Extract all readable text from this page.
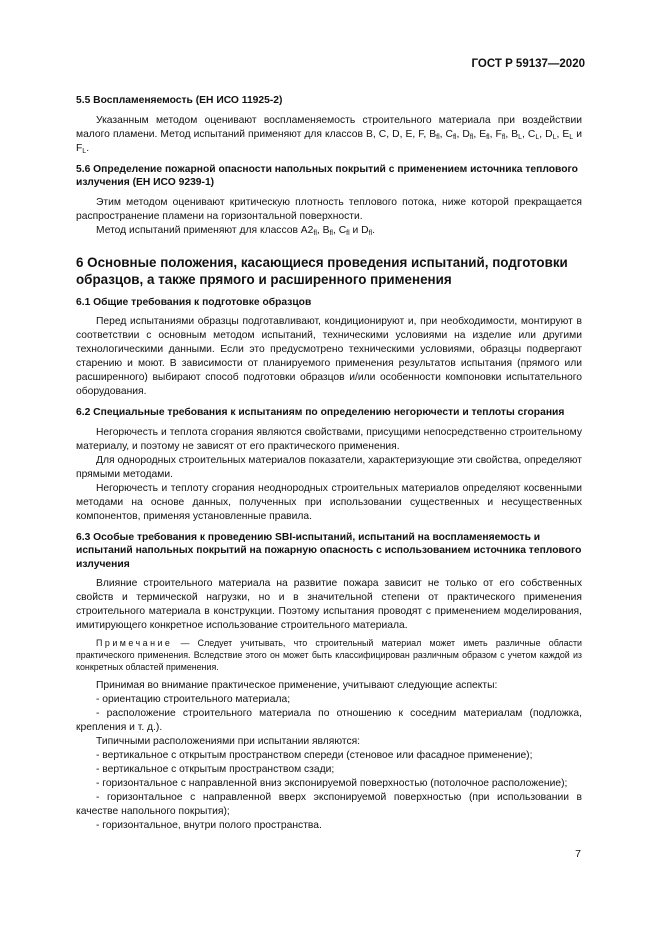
ГОСТ Р 59137—2020
5.5 Воспламеняемость (ЕН ИСО 11925-2)

Указанным методом оценивают воспламеняемость строительного материала при воздействии малого пламени. Метод испытаний применяют для классов B, C, D, E, F, $B_{fl}$, $C_{fl}$, $D_{fl}$, $E_{fl}$, $F_{fl}$, $B_L$, $C_L$, $D_L$, $E_L$ и $F_L$.

5.6 Определение пожарной опасности напольных покрытий с применением источника теплового излучения (ЕН ИСО 9239-1)

Этим методом оценивают критическую плотность теплового потока, ниже которой прекращается распространение пламени на горизонтальной поверхности.

Метод испытаний применяют для классов $A2_{fl}$, $B_{fl}$, $C_{fl}$ и $D_{fl}$.

6 Основные положения, касающиеся проведения испытаний, подготовки образцов, а также прямого и расширенного применения
6.1 Общие требования к подготовке образцов

Перед испытаниями образцы подготавливают, кондиционируют и, при необходимости, монтируют в соответствии с основным методом испытаний, техническими условиями на изделие или другими технологическими данными. Если это предусмотрено техническими условиями, образцы подвергают старению и моют. В зависимости от планируемого применения результатов испытания (прямого или расширенного) выбирают способ подготовки образцов и/или особенности компоновки испытательного оборудования.

6.2 Специальные требования к испытаниям по определению негорючести и теплоты сгорания

Негорючесть и теплота сгорания являются свойствами, присущими непосредственно строительному материалу, и поэтому не зависят от его практического применения.

Для однородных строительных материалов показатели, характеризующие эти свойства, определяют прямыми методами.

Негорючесть и теплоту сгорания неоднородных строительных материалов определяют косвенными методами на основе данных, полученных при использовании существенных и несущественных компонентов, применяя установленные правила.

6.3 Особые требования к проведению SBI-испытаний, испытаний на воспламеняемость и испытаний напольных покрытий на пожарную опасность с использованием источника теплового излучения

Влияние строительного материала на развитие пожара зависит не только от его собственных свойств и термической нагрузки, но и в значительной степени от практического применения строительного материала в конструкции. Поэтому испытания проводят с применением моделирования, имитирующего конкретное использование строительного материала.

Примечание — Следует учитывать, что строительный материал может иметь различные области практического применения. Вследствие этого он может быть классифицирован различным образом с учетом каждой из конкретных областей применения.

Принимая во внимание практическое применение, учитывают следующие аспекты:

- ориентацию строительного материала;

- расположение строительного материала по отношению к соседним материалам (подложка, крепления и т. д.).

Типичными расположениями при испытании являются:

- вертикальное с открытым пространством спереди (стеновое или фасадное применение);

- вертикальное с открытым пространством сзади;

- горизонтальное с направленной вниз экспонируемой поверхностью (потолочное расположение);

- горизонтальное с направленной вверх экспонируемой поверхностью (при использовании в качестве напольного покрытия);

- горизонтальное, внутри полого пространства.

7
